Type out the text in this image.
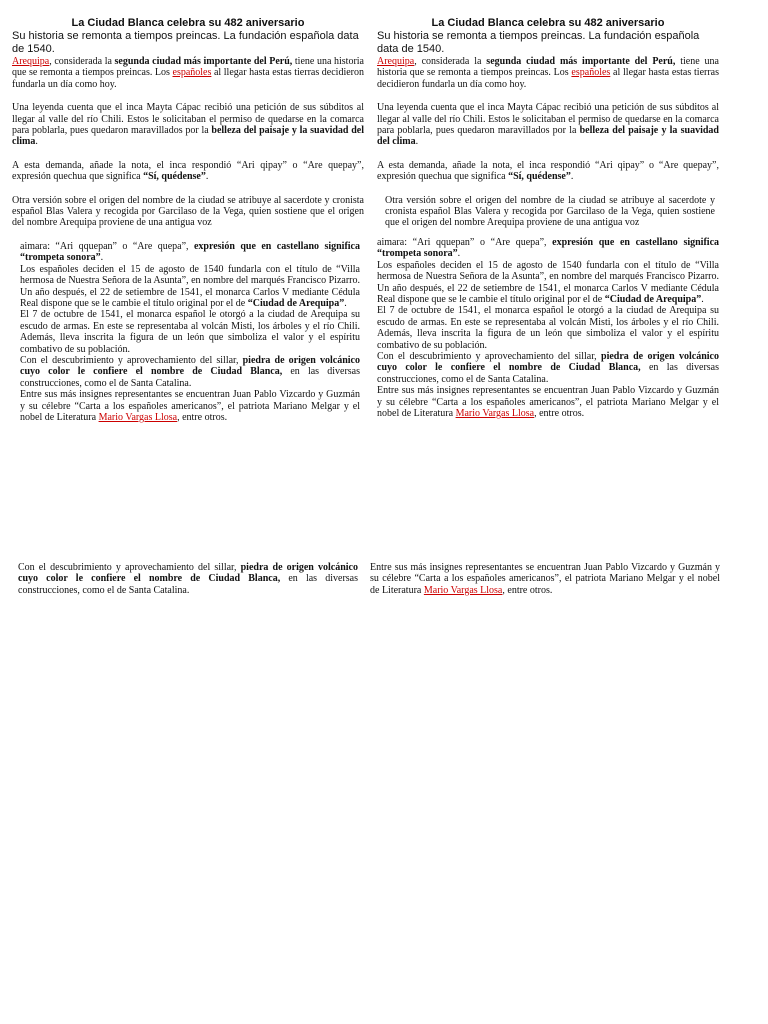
La Ciudad Blanca celebra su 482 aniversario
Su historia se remonta a tiempos preincas. La fundación española data de 1540.

Arequipa, considerada la segunda ciudad más importante del Perú, tiene una historia que se remonta a tiempos preincas. Los españoles al llegar hasta estas tierras decidieron fundarla un día como hoy.

Una leyenda cuenta que el inca Mayta Cápac recibió una petición de sus súbditos al llegar al valle del río Chili. Estos le solicitaban el permiso de quedarse en la comarca para poblarla, pues quedaron maravillados por la belleza del paisaje y la suavidad del clima.

A esta demanda, añade la nota, el inca respondió “Ari qipay” o “Are quepay”, expresión quechua que significa “Sí, quédense”.

Otra versión sobre el origen del nombre de la ciudad se atribuye al sacerdote y cronista español Blas Valera y recogida por Garcilaso de la Vega, quien sostiene que el origen del nombre Arequipa proviene de una antigua voz

aimara: “Ari qquepan” o “Are quepa”, expresión que en castellano significa “trompeta sonora”.

Los españoles deciden el 15 de agosto de 1540 fundarla con el título de “Villa hermosa de Nuestra Señora de la Asunta”, en nombre del marqués Francisco Pizarro. Un año después, el 22 de setiembre de 1541, el monarca Carlos V mediante Cédula Real dispone que se le cambie el título original por el de “Ciudad de Arequipa”.

El 7 de octubre de 1541, el monarca español le otorgó a la ciudad de Arequipa su escudo de armas. En este se representaba al volcán Misti, los árboles y el río Chili. Además, lleva inscrita la figura de un león que simboliza el valor y el espíritu combativo de su población.

Con el descubrimiento y aprovechamiento del sillar, piedra de origen volcánico cuyo color le confiere el nombre de Ciudad Blanca, en las diversas construcciones, como el de Santa Catalina.

Entre sus más insignes representantes se encuentran Juan Pablo Vizcardo y Guzmán y su célebre “Carta a los españoles americanos”, el patriota Mariano Melgar y el nobel de Literatura Mario Vargas Llosa, entre otros.

La Ciudad Blanca celebra su 482 aniversario
Su historia se remonta a tiempos preincas. La fundación española data de 1540.

Arequipa, considerada la segunda ciudad más importante del Perú, tiene una historia que se remonta a tiempos preincas. Los españoles al llegar hasta estas tierras decidieron fundarla un día como hoy.

Una leyenda cuenta que el inca Mayta Cápac recibió una petición de sus súbditos al llegar al valle del río Chili. Estos le solicitaban el permiso de quedarse en la comarca para poblarla, pues quedaron maravillados por la belleza del paisaje y la suavidad del clima.

A esta demanda, añade la nota, el inca respondió “Ari qipay” o “Are quepay”, expresión quechua que significa “Sí, quédense”.

Otra versión sobre el origen del nombre de la ciudad se atribuye al sacerdote y cronista español Blas Valera y recogida por Garcilaso de la Vega, quien sostiene que el origen del nombre Arequipa proviene de una antigua voz

aimara: “Ari qquepan” o “Are quepa”, expresión que en castellano significa “trompeta sonora”.

Los españoles deciden el 15 de agosto de 1540 fundarla con el título de “Villa hermosa de Nuestra Señora de la Asunta”, en nombre del marqués Francisco Pizarro. Un año después, el 22 de setiembre de 1541, el monarca Carlos V mediante Cédula Real dispone que se le cambie el título original por el de “Ciudad de Arequipa”.

El 7 de octubre de 1541, el monarca español le otorgó a la ciudad de Arequipa su escudo de armas. En este se representaba al volcán Misti, los árboles y el río Chili. Además, lleva inscrita la figura de un león que simboliza el valor y el espíritu combativo de su población.

Con el descubrimiento y aprovechamiento del sillar, piedra de origen volcánico cuyo color le confiere el nombre de Ciudad Blanca, en las diversas construcciones, como el de Santa Catalina.

Entre sus más insignes representantes se encuentran Juan Pablo Vizcardo y Guzmán y su célebre “Carta a los españoles americanos”, el patriota Mariano Melgar y el nobel de Literatura Mario Vargas Llosa, entre otros.

Con el descubrimiento y aprovechamiento del sillar, piedra de origen volcánico cuyo color le confiere el nombre de Ciudad Blanca, en las diversas construcciones, como el de Santa Catalina.

Entre sus más insignes representantes se encuentran Juan Pablo Vizcardo y Guzmán y su célebre “Carta a los españoles americanos”, el patriota Mariano Melgar y el nobel de Literatura Mario Vargas Llosa, entre otros.
